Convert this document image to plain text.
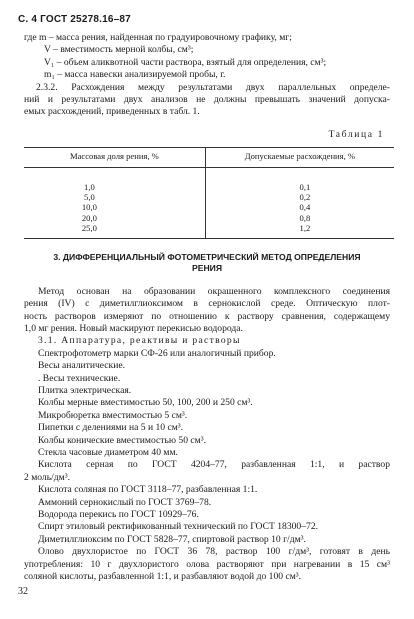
С. 4 ГОСТ 25278.16–87
где m – масса рения, найденная по градуировочному графику, мг;
V – вместимость мерной колбы, см³;
V₁ – объем аликвотной части раствора, взятый для определения, см³;
m₁ – масса навески анализируемой пробы, г.
2.3.2. Расхождения между результатами двух параллельных определе-
ний и результатами двух анализов не должны превышать значений допуска-
емых расхождений, приведенных в табл. 1.
Таблица 1
Массовая доля рения, %	Допускаемые расхождения, %
1,0	0,1
5,0	0,2
10,0	0,4
20,0	0,8
25,0	1,2
3. ДИФФЕРЕНЦИАЛЬНЫЙ ФОТОМЕТРИЧЕСКИЙ МЕТОД ОПРЕДЕЛЕНИЯ
РЕНИЯ
Метод основан на образовании окрашенного комплексного соединения
рения (IV) с диметилглиоксимом в сернокислой среде. Оптическую плот-
ность растворов измеряют по отношению к раствору сравнения, содержащему
1,0 мг рения. Новый маскируют перекисью водорода.
3.1. Аппаратура, реактивы и растворы
Спектрофотометр марки СФ-26 или аналогичный прибор.
Весы аналитические.
. Весы технические.
Плитка электрическая.
Колбы мерные вместимостью 50, 100, 200 и 250 см³.
Микробюретка вместимостью 5 см³.
Пипетки с делениями на 5 и 10 см³.
Колбы конические вместимостью 50 см³.
Стекла часовые диаметром 40 мм.
Кислота серная по ГОСТ 4204–77, разбавленная 1:1, и раствор
2 моль/дм³.
Кислота соляная по ГОСТ 3118–77, разбавленная 1:1.
Аммоний сернокислый по ГОСТ 3769–78.
Водорода перекись по ГОСТ 10929–76.
Спирт этиловый ректификованный технический по ГОСТ 18300–72.
Диметилглиоксим по ГОСТ 5828–77, спиртовой раствор 10 г/дм³.
Олово двухлористое по ГОСТ 36 78, раствор 100 г/дм³, готовят в день
употребления: 10 г двухлористого олова растворяют при нагревании в 15 см³
соляной кислоты, разбавленной 1:1, и разбавляют водой до 100 см³.
32
